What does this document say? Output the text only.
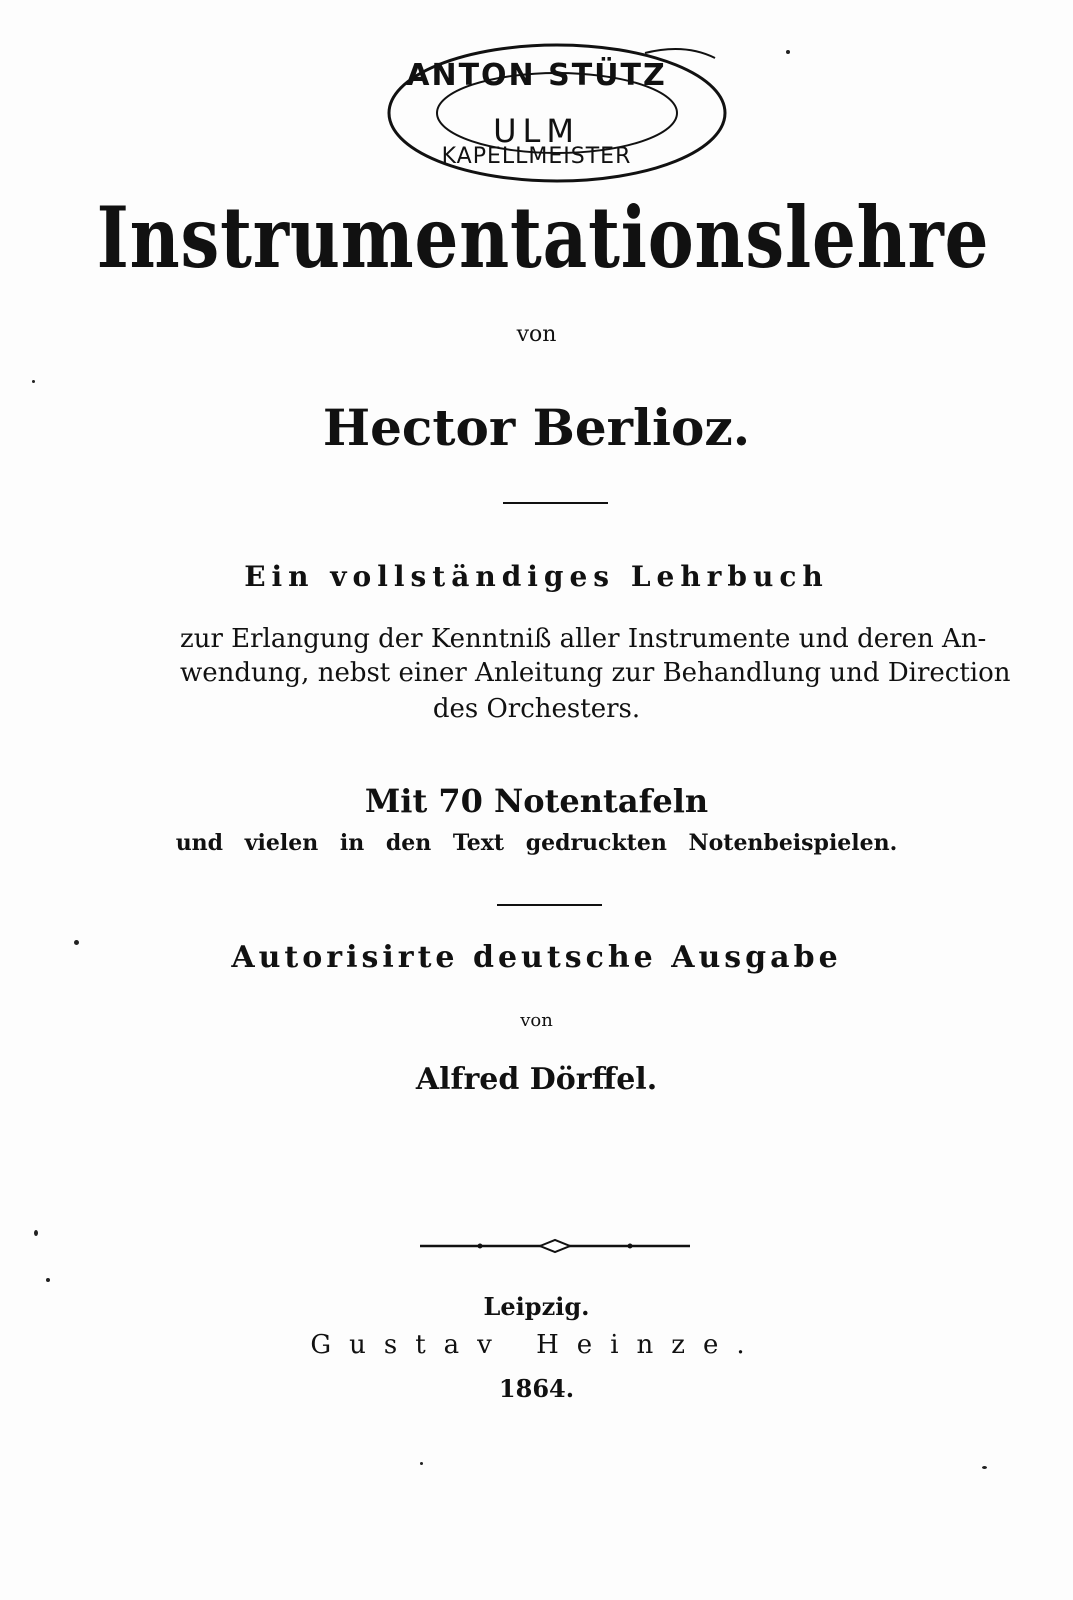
ANTON STÜTZ
ULM
KAPELLMEISTER
Instrumentationslehre
von
Hector Berlioz.
Ein vollständiges Lehrbuch
zur Erlangung der Kenntniß aller Instrumente und deren An-
wendung, nebst einer Anleitung zur Behandlung und Direction
des Orchesters.
Mit 70 Notentafeln
und vielen in den Text gedruckten Notenbeispielen.
Autorisirte deutsche Ausgabe
von
Alfred Dörffel.
Leipzig.
Gustav Heinze.
1864.
